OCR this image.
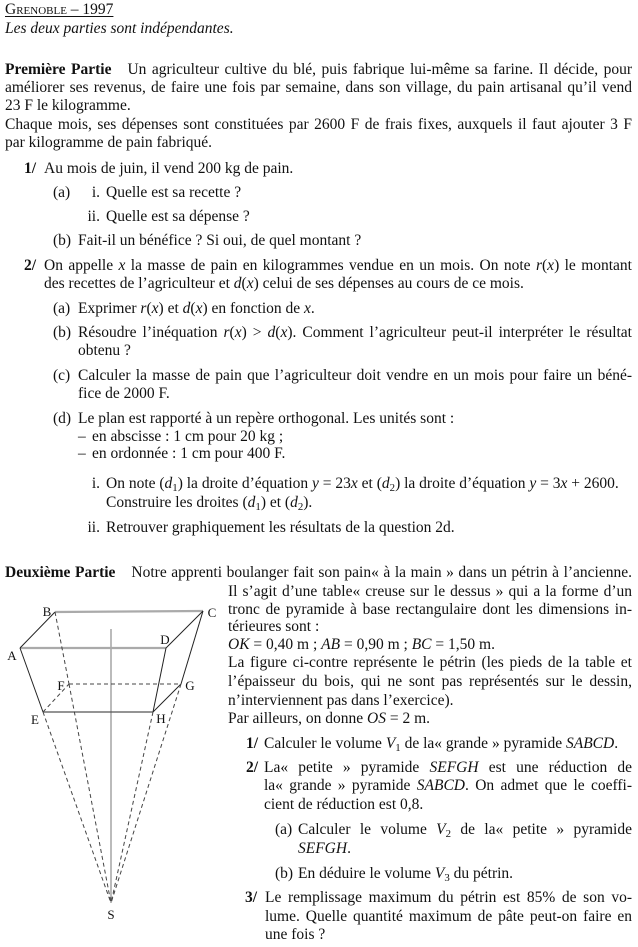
Grenoble – 1997
Les deux parties sont indépendantes.
Première Partie Un agriculteur cultive du blé, puis fabrique lui-même sa farine. Il décide, pour
améliorer ses revenus, de faire une fois par semaine, dans son village, du pain artisanal qu’il vend
23 F le kilogramme.
Chaque mois, ses dépenses sont constituées par 2600 F de frais fixes, auxquels il faut ajouter 3 F
par kilogramme de pain fabriqué.
1/ Au mois de juin, il vend 200 kg de pain.
(a)	i. Quelle est sa recette ?
ii. Quelle est sa dépense ?
(b) Fait-il un bénéfice ? Si oui, de quel montant ?
2/ On appelle x la masse de pain en kilogrammes vendue en un mois. On note r(x) le montant
des recettes de l’agriculteur et d(x) celui de ses dépenses au cours de ce mois.
(a) Exprimer r(x) et d(x) en fonction de x.
(b) Résoudre l’inéquation r(x) > d(x). Comment l’agriculteur peut-il interpréter le résultat
obtenu ?
(c) Calculer la masse de pain que l’agriculteur doit vendre en un mois pour faire un béné-
fice de 2000 F.
(d) Le plan est rapporté à un repère orthogonal. Les unités sont :
– en abscisse : 1 cm pour 20 kg ;
– en ordonnée : 1 cm pour 400 F.
i. On note $(d_1)$ la droite d’équation y = 23x et $(d_2)$ la droite d’équation y = 3x + 2600.
Construire les droites $(d_1)$ et $(d_2)$.
ii. Retrouver graphiquement les résultats de la question 2d.
Deuxième Partie Notre apprenti boulanger fait son pain« à la main » dans un pétrin à l’ancienne.
Il s’agit d’une table« creuse sur le dessus » qui a la forme d’un
tronc de pyramide à base rectangulaire dont les dimensions in-
térieures sont :
OK = 0,40 m ; AB = 0,90 m ; BC = 1,50 m.
La figure ci-contre représente le pétrin (les pieds de la table et
l’épaisseur du bois, qui ne sont pas représentés sur le dessin,
n’interviennent pas dans l’exercice).
Par ailleurs, on donne OS = 2 m.
1/ Calculer le volume $V_1$ de la« grande » pyramide SABCD.
2/ La« petite » pyramide SEFGH est une réduction de
la« grande » pyramide SABCD. On admet que le coeffi-
cient de réduction est 0,8.
(a) Calculer le volume $V_2$ de la« petite » pyramide
SEFGH.
(b) En déduire le volume $V_3$ du pétrin.
3/ Le remplissage maximum du pétrin est 85% de son vo-
lume. Quelle quantité maximum de pâte peut-on faire en
une fois ?
A
B	C
D
E
F	G
H
S
